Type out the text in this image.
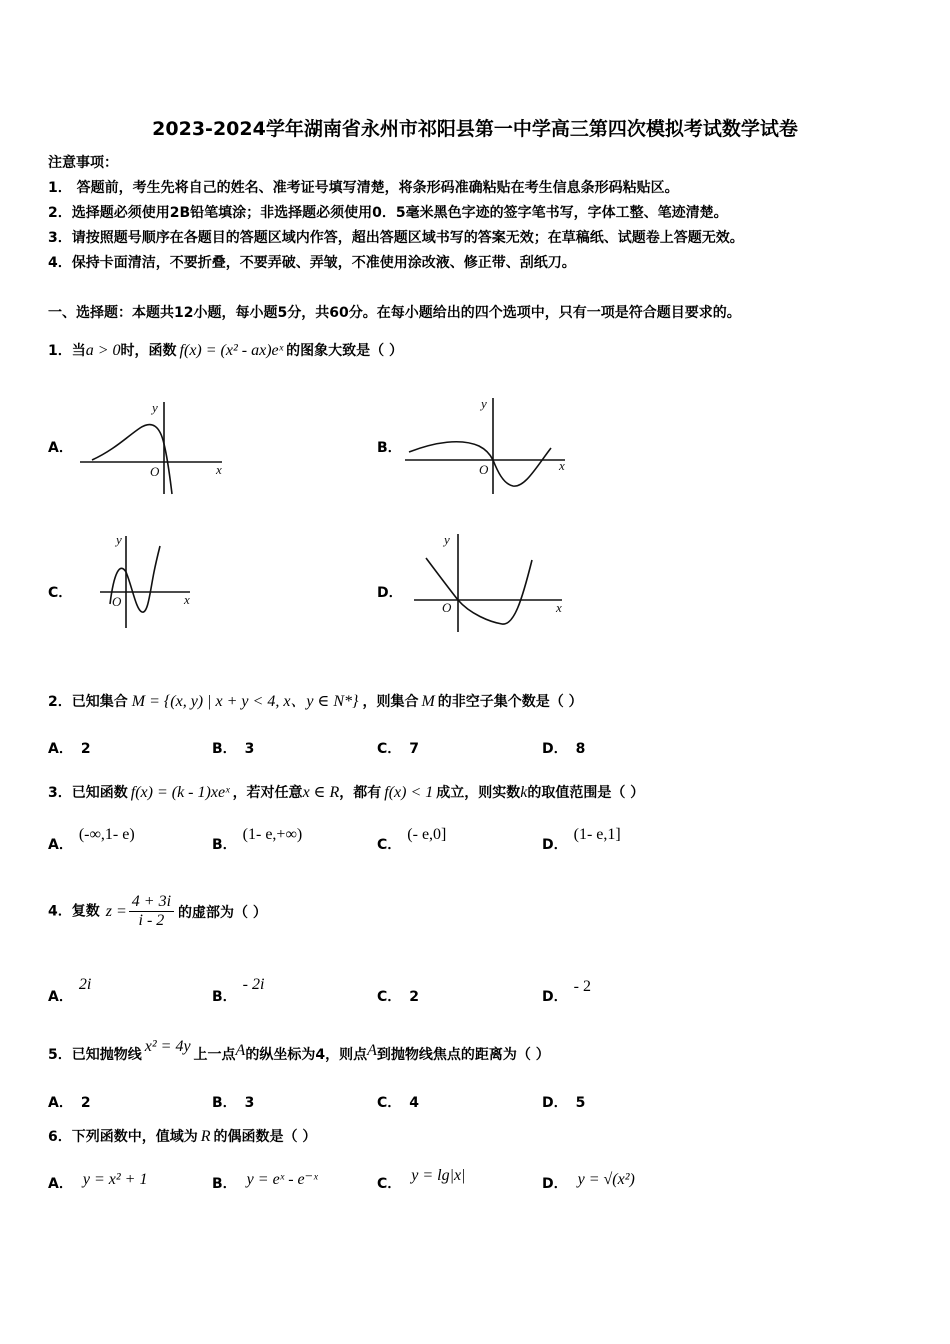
2023-2024学年湖南省永州市祁阳县第一中学高三第四次模拟考试数学试卷
注意事项：
1． 答题前，考生先将自己的姓名、准考证号填写清楚，将条形码准确粘贴在考生信息条形码粘贴区。
2．选择题必须使用2B铅笔填涂；非选择题必须使用0．5毫米黑色字迹的签字笔书写，字体工整、笔迹清楚。
3．请按照题号顺序在各题目的答题区域内作答，超出答题区域书写的答案无效；在草稿纸、试题卷上答题无效。
4．保持卡面清洁，不要折叠，不要弄破、弄皱，不准使用涂改液、修正带、刮纸刀。
一、选择题：本题共12小题，每小题5分，共60分。在每小题给出的四个选项中，只有一项是符合题目要求的。
1．当a > 0时，函数 f(x) = (x² - ax)eˣ 的图象大致是（ ）
A．
x
y
O
B．
x
y
O
C．	x
y
O
D．
x
y
O
2．已知集合 M = {(x, y) | x + y < 4, x、y ∈ N*} ，则集合 M 的非空子集个数是（ ）
A． 2	B． 3	C． 7	D． 8
3．已知函数 f(x) = (k - 1)xeˣ ，若对任意x ∈ R，都有 f(x) < 1 成立，则实数k的取值范围是（ ）
A．(-∞,1- e)
B．(1- e,+∞)
C．(- e,0]
D．(1- e,1]
4．复数 $z = \frac{4 + 3i}{i - 2}$ 的虚部为（ ）
A．2i
B．- 2i
C． 2	D．- 2
5．已知抛物线 x² = 4y 上一点A的纵坐标为4，则点A到抛物线焦点的距离为（ ）
A． 2	B． 3	C． 4	D． 5
6．下列函数中，值域为 R 的偶函数是（ ）
A． y = x² + 1	B． y = eˣ - e⁻ˣ	C． y = lg|x|	D． y = √(x²)
